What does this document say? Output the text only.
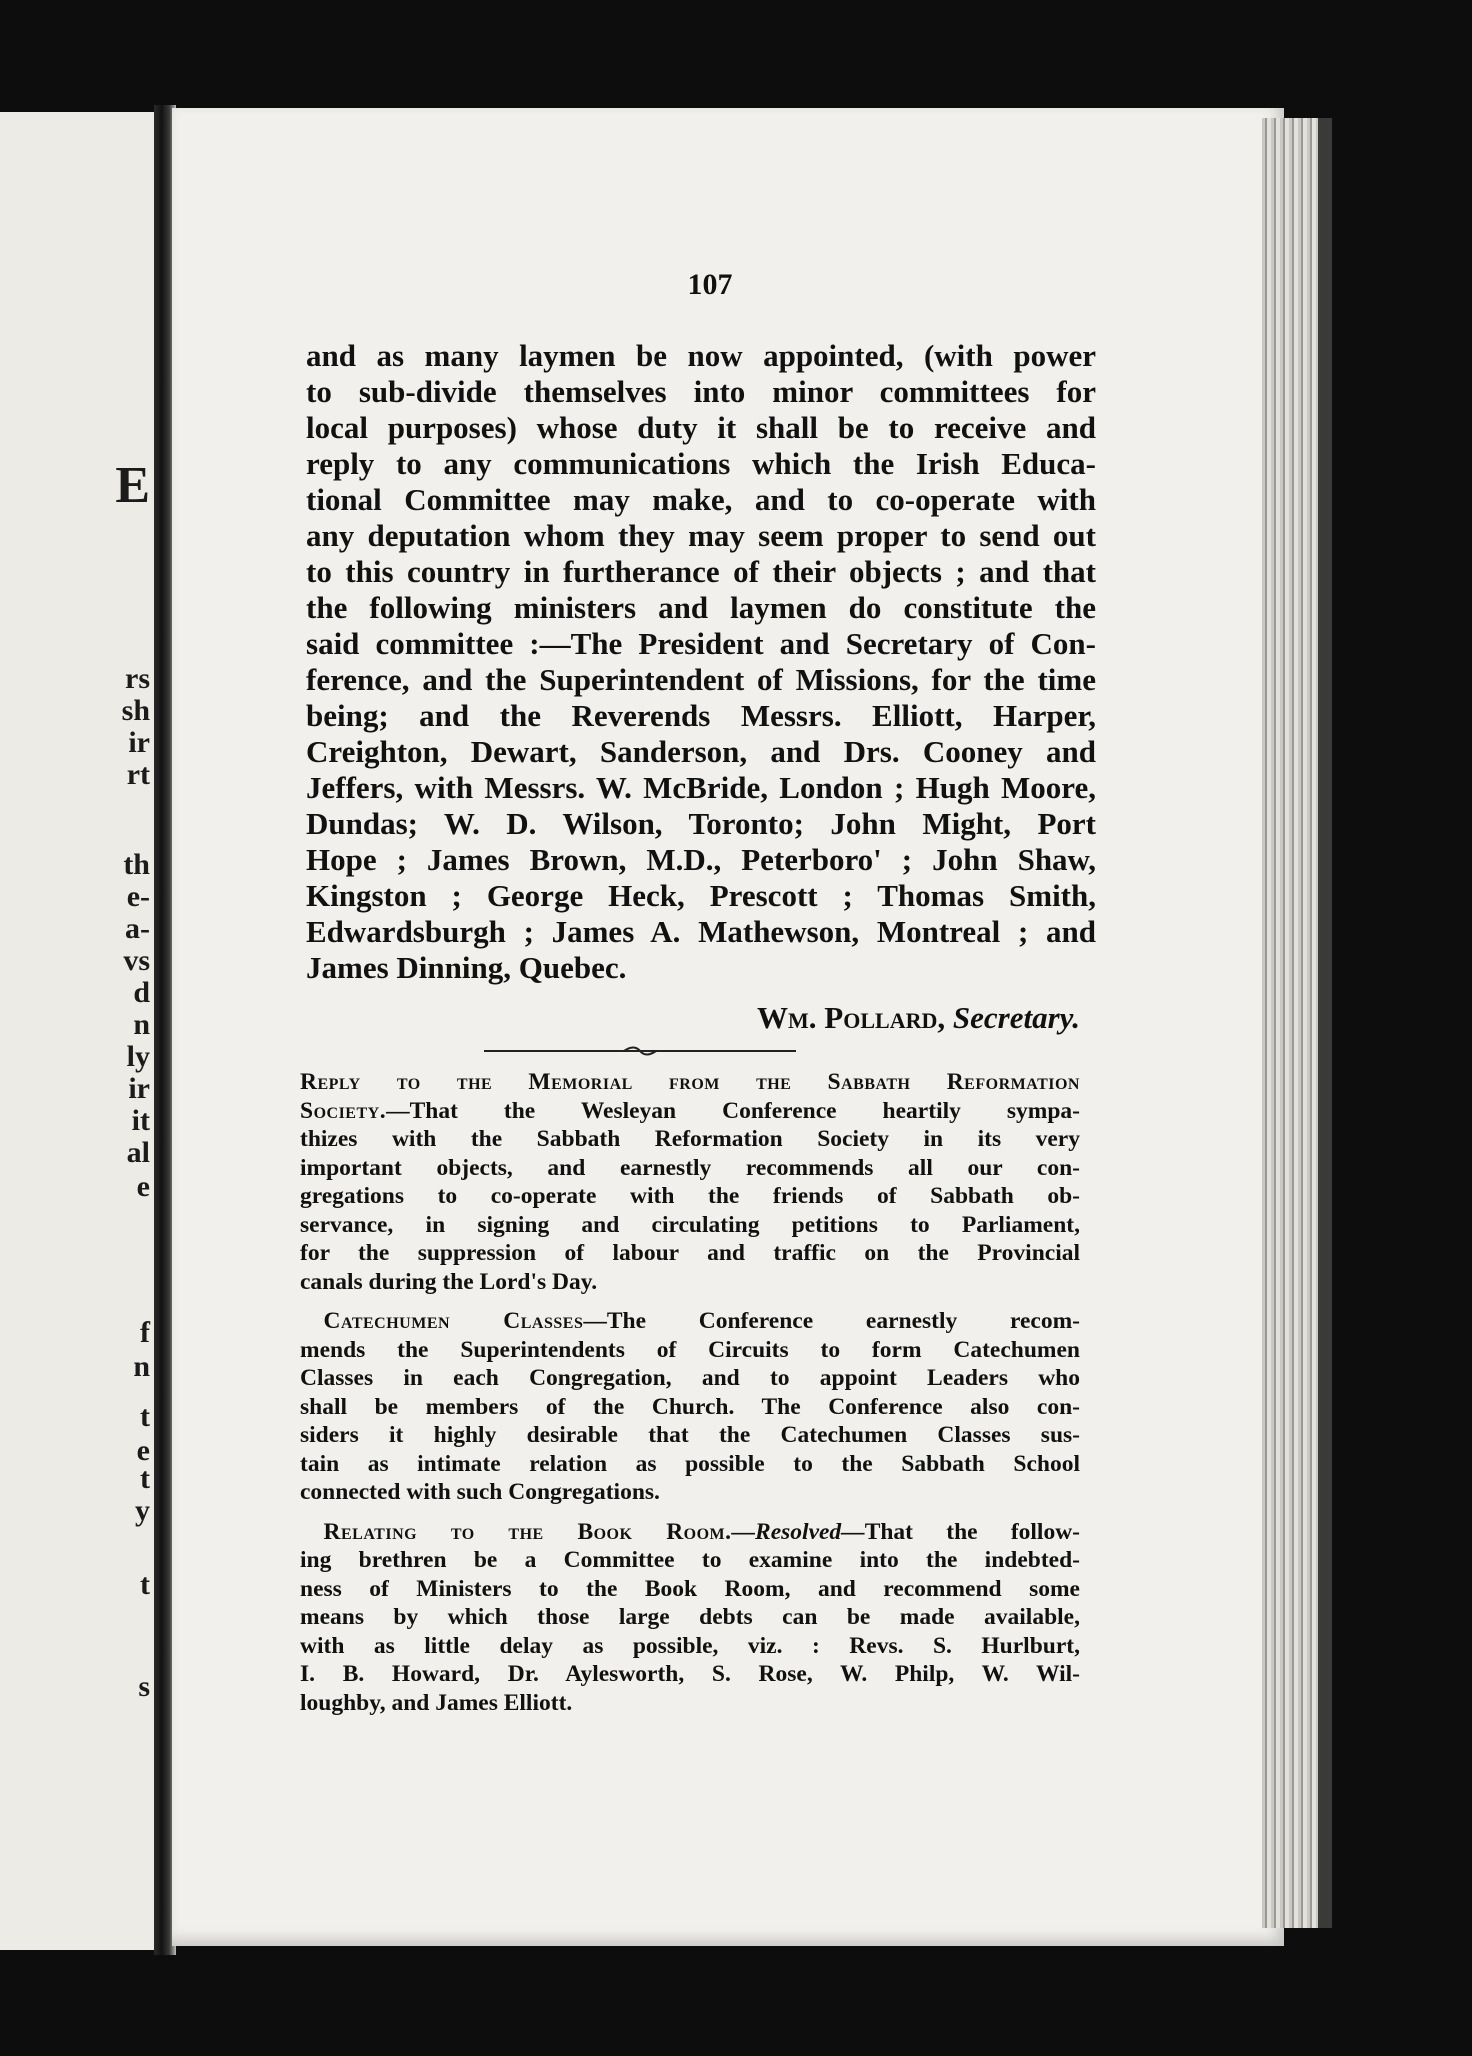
E
rs
sh
ir
rt
th
e-
a-
vs
d
n
ly
ir
it
al
e
f
n
t
e
t
y
t
s
107
and as many laymen be now appointed, (with power
to sub-divide themselves into minor committees for
local purposes) whose duty it shall be to receive and
reply to any communications which the Irish Educa-
tional Committee may make, and to co-operate with
any deputation whom they may seem proper to send out
to this country in furtherance of their objects ; and that
the following ministers and laymen do constitute the
said committee :—The President and Secretary of Con-
ference, and the Superintendent of Missions, for the time
being; and the Reverends Messrs. Elliott, Harper,
Creighton, Dewart, Sanderson, and Drs. Cooney and
Jeffers, with Messrs. W. McBride, London ; Hugh Moore,
Dundas; W. D. Wilson, Toronto; John Might, Port
Hope ; James Brown, M.D., Peterboro' ; John Shaw,
Kingston ; George Heck, Prescott ; Thomas Smith,
Edwardsburgh ; James A. Mathewson, Montreal ; and
James Dinning, Quebec.
Wm. Pollard, Secretary.
Reply to the Memorial from the Sabbath Reformation
Society.—That the Wesleyan Conference heartily sympa-
thizes with the Sabbath Reformation Society in its very
important objects, and earnestly recommends all our con-
gregations to co-operate with the friends of Sabbath ob-
servance, in signing and circulating petitions to Parliament,
for the suppression of labour and traffic on the Provincial
canals during the Lord's Day.
 Catechumen Classes—The Conference earnestly recom-
mends the Superintendents of Circuits to form Catechumen
Classes in each Congregation, and to appoint Leaders who
shall be members of the Church. The Conference also con-
siders it highly desirable that the Catechumen Classes sus-
tain as intimate relation as possible to the Sabbath School
connected with such Congregations.
 Relating to the Book Room.—Resolved—That the follow-
ing brethren be a Committee to examine into the indebted-
ness of Ministers to the Book Room, and recommend some
means by which those large debts can be made available,
with as little delay as possible, viz. : Revs. S. Hurlburt,
I. B. Howard, Dr. Aylesworth, S. Rose, W. Philp, W. Wil-
loughby, and James Elliott.
